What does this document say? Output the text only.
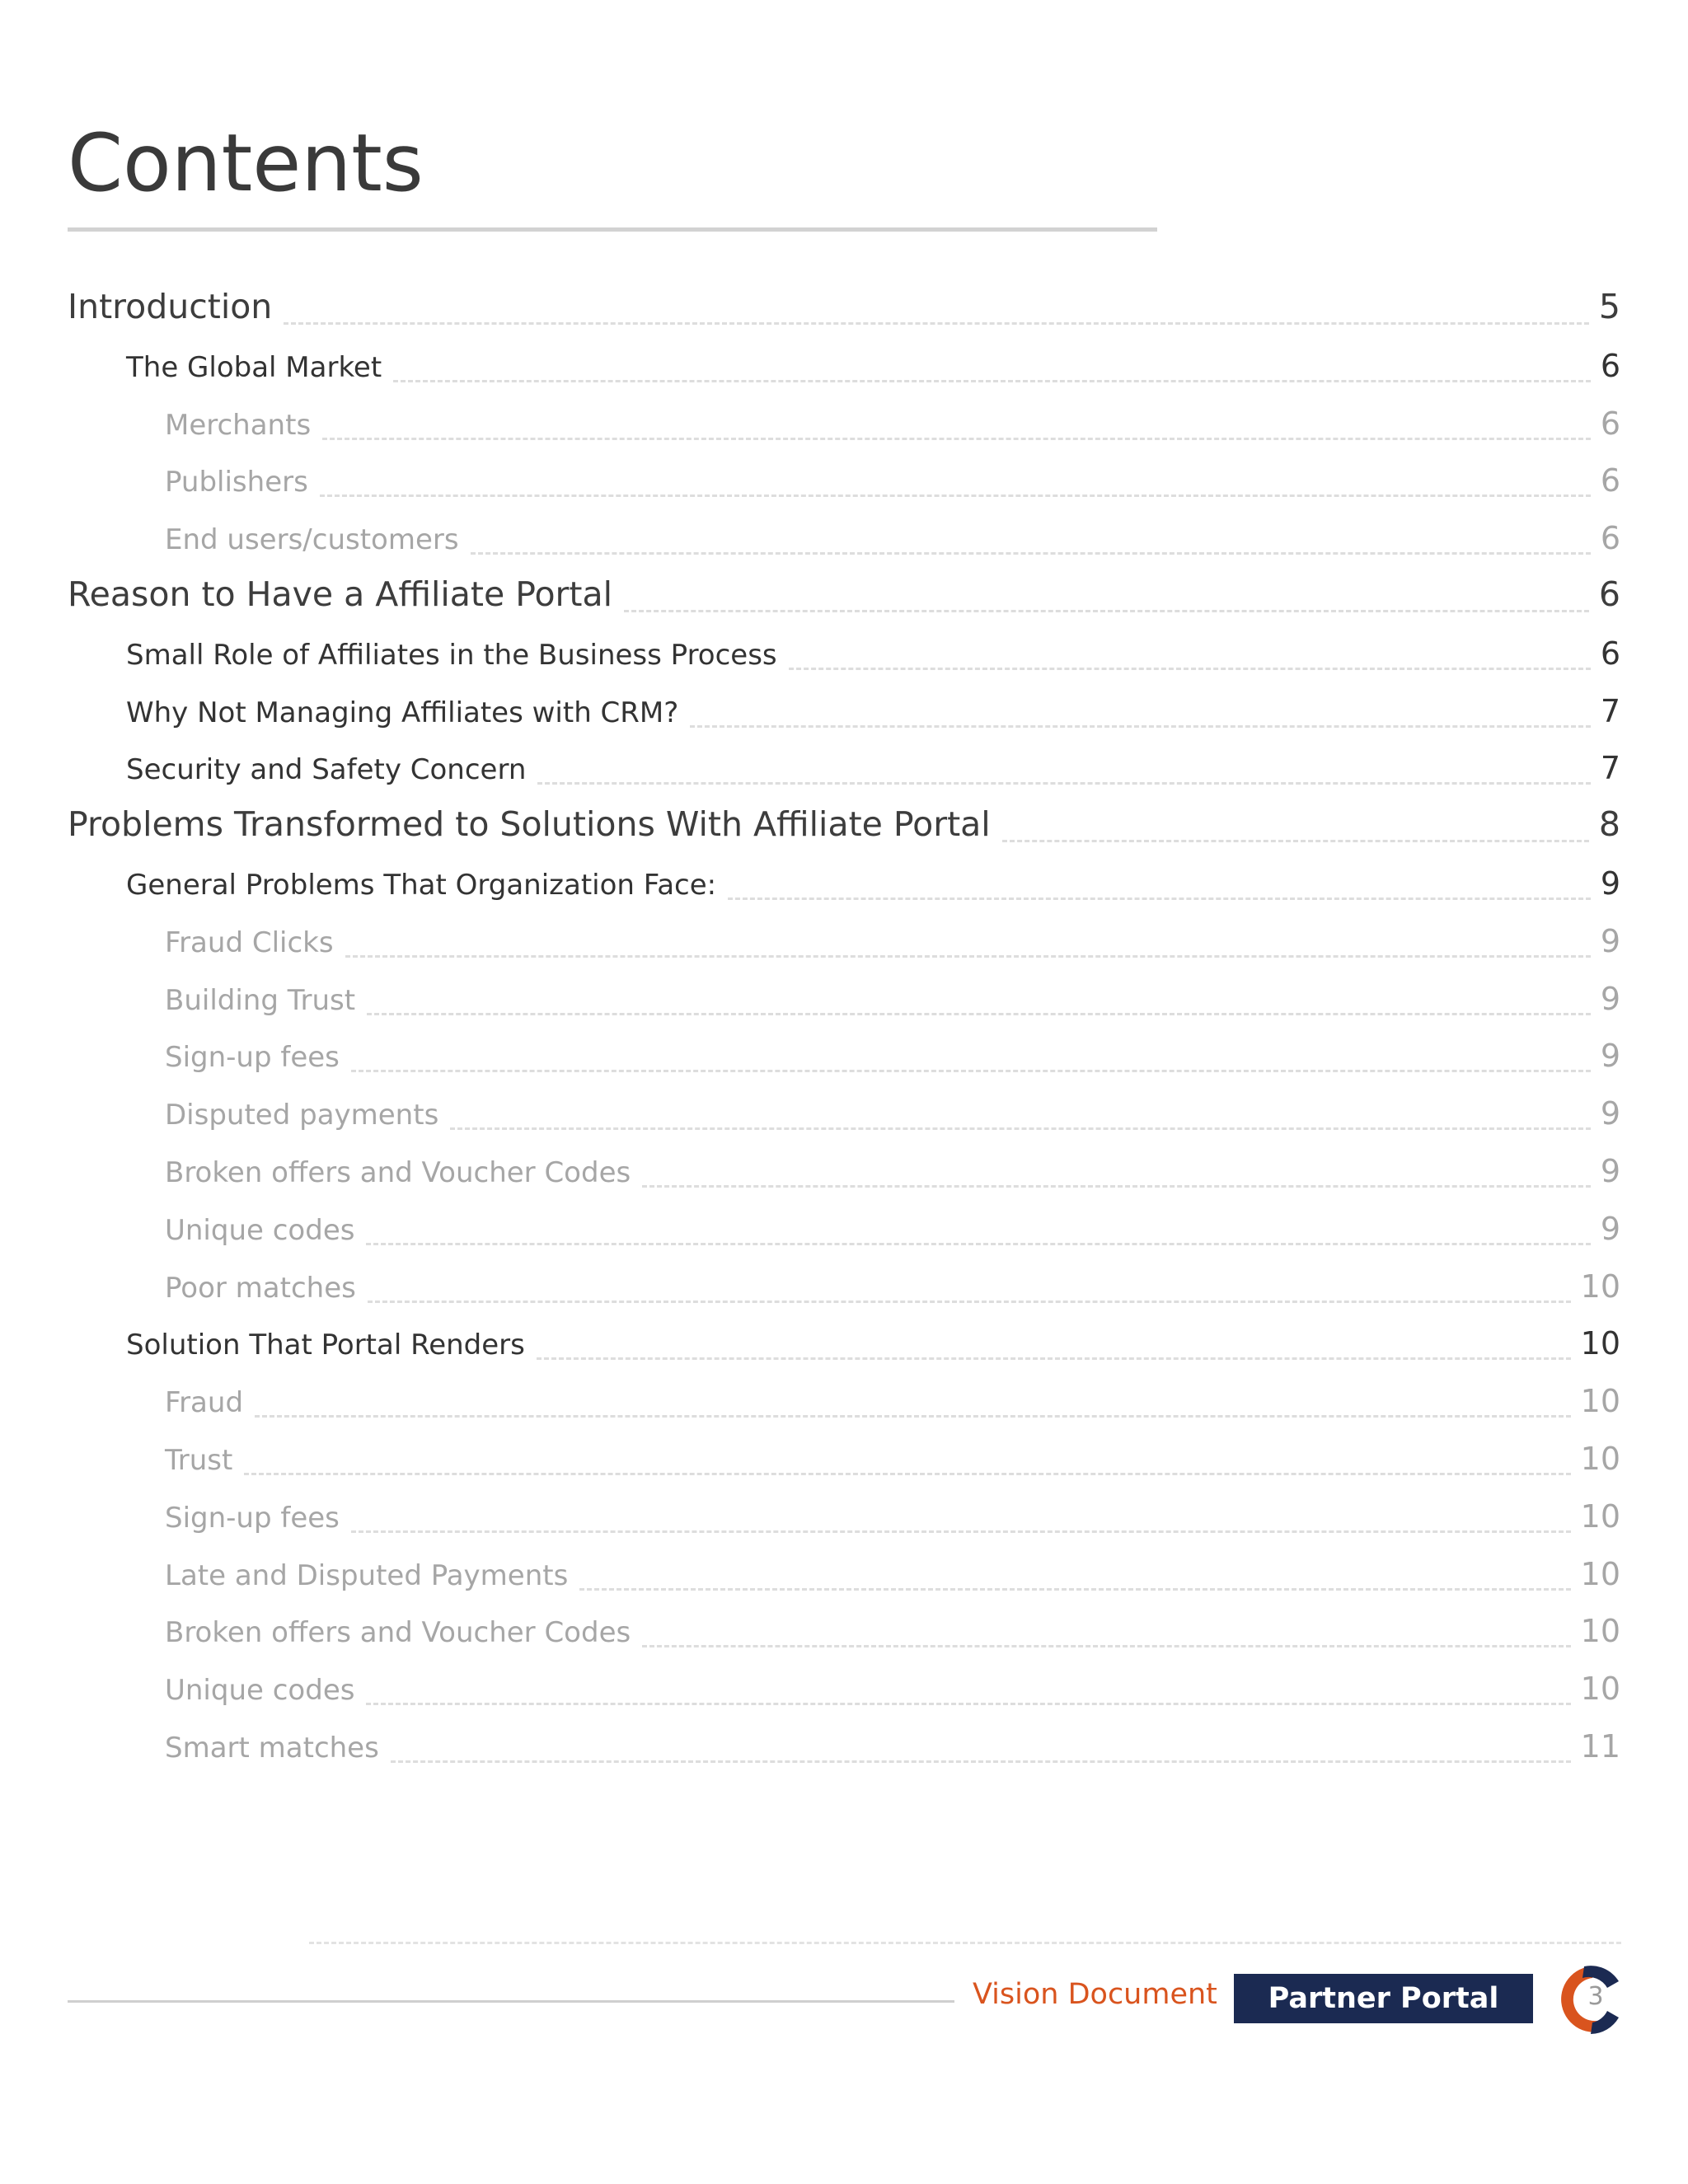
Contents
Introduction	5
The Global Market	6
Merchants	6
Publishers	6
End users/customers	6
Reason to Have a Affiliate Portal	6
Small Role of Affiliates in the Business Process	6
Why Not Managing Affiliates with CRM?	7
Security and Safety Concern	7
Problems Transformed to Solutions With Affiliate Portal	8
General Problems That Organization Face:	9
Fraud Clicks	9
Building Trust	9
Sign-up fees	9
Disputed payments	9
Broken offers and Voucher Codes	9
Unique codes	9
Poor matches	10
Solution That Portal Renders	10
Fraud	10
Trust	10
Sign-up fees	10
Late and Disputed Payments	10
Broken offers and Voucher Codes	10
Unique codes	10
Smart matches	11
Vision Document	Partner Portal	3
